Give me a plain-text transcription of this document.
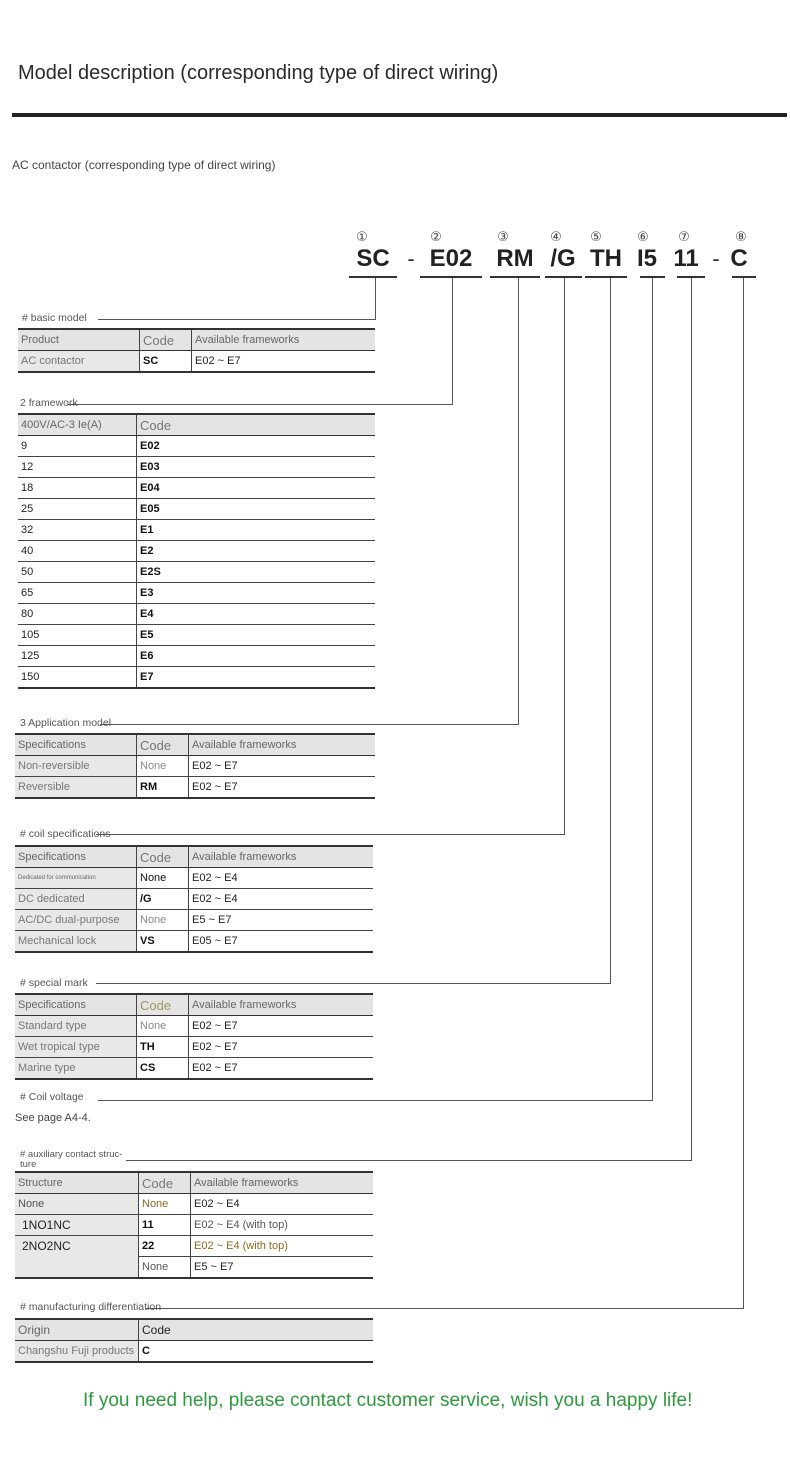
Model description (corresponding type of direct wiring)
AC contactor (corresponding type of direct wiring)
①	②	③	④	⑤	⑥	⑦	⑧
SC - E02 RM /G TH I5 11 - C
# basic model
Product	Code	Available frameworks
AC contactor	SC	E02 ~ E7
2 framework
400V/AC-3 Ie(A)	Code
9	E02
12	E03
18	E04
25	E05
32	E1
40	E2
50	E2S
65	E3
80	E4
105	E5
125	E6
150	E7
3 Application model
Specifications	Code	Available frameworks
Non-reversible	None	E02 ~ E7
Reversible	RM	E02 ~ E7
# coil specifications
Specifications	Code	Available frameworks
Dedicated for communication	None	E02 ~ E4
DC dedicated	/G	E02 ~ E4
AC/DC dual-purpose	None	E5 ~ E7
Mechanical lock	VS	E05 ~ E7
# special mark
Specifications	Code	Available frameworks
Standard type	None	E02 ~ E7
Wet tropical type	TH	E02 ~ E7
Marine type	CS	E02 ~ E7
# Coil voltage
See page A4-4.
# auxiliary contact struc-ture
Structure	Code	Available frameworks
None	None	E02 ~ E4
1NO1NC	11	E02 ~ E4 (with top)
2NO2NC	22	E02 ~ E4 (with top)
	None	E5 ~ E7
# manufacturing differentiation
Origin	Code
Changshu Fuji products	C
If you need help, please contact customer service, wish you a happy life!
